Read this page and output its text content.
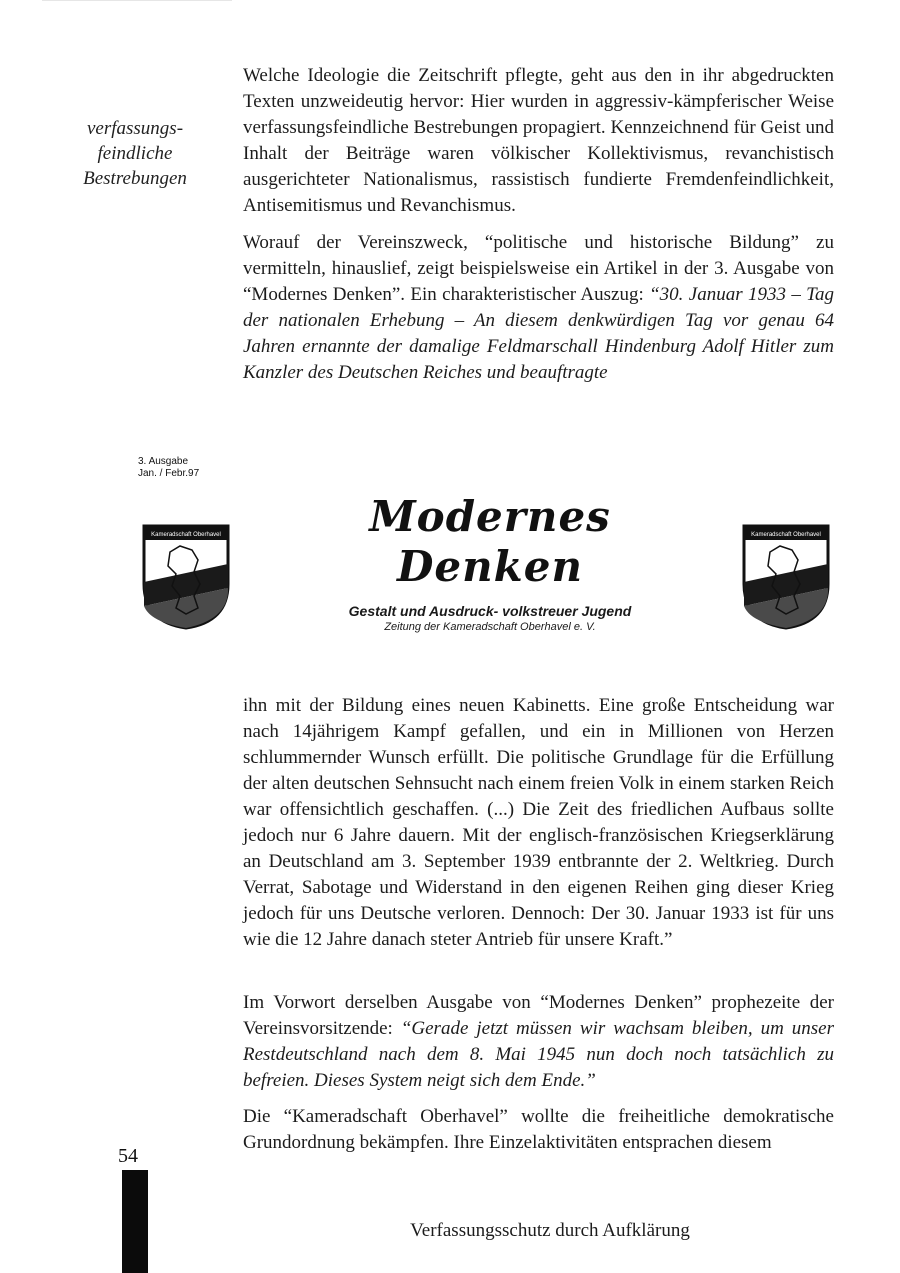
verfassungs-
feindliche
Bestrebungen
Welche Ideologie die Zeitschrift pflegte, geht aus den in ihr abgedruckten Texten unzweideutig hervor: Hier wurden in aggressiv-kämpferischer Weise verfassungsfeindliche Bestrebungen propagiert. Kennzeichnend für Geist und Inhalt der Beiträge waren völkischer Kollektivismus, revanchistisch ausgerichteter Nationalismus, rassistisch fundierte Fremdenfeindlichkeit, Antisemitismus und Revanchismus.
Worauf der Vereinszweck, “politische und historische Bildung” zu vermitteln, hinauslief, zeigt beispielsweise ein Artikel in der 3. Ausgabe von “Modernes Denken”. Ein charakteristischer Auszug: “30. Januar 1933 – Tag der nationalen Erhebung – An diesem denkwürdigen Tag vor genau 64 Jahren ernannte der damalige Feldmarschall Hindenburg Adolf Hitler zum Kanzler des Deutschen Reiches und beauftragte
3. Ausgabe
Jan. / Febr.97
Kameradschaft Oberhavel	Modernes Denken
Gestalt und Ausdruck- volkstreuer Jugend
Zeitung der Kameradschaft Oberhavel e. V.
Kameradschaft Oberhavel
ihn mit der Bildung eines neuen Kabinetts. Eine große Entscheidung war nach 14jährigem Kampf gefallen, und ein in Millionen von Herzen schlummernder Wunsch erfüllt. Die politische Grundlage für die Erfüllung der alten deutschen Sehnsucht nach einem freien Volk in einem starken Reich war offensichtlich geschaffen. (...) Die Zeit des friedlichen Aufbaus sollte jedoch nur 6 Jahre dauern. Mit der englisch-französischen Kriegserklärung an Deutschland am 3. September 1939 entbrannte der 2. Weltkrieg. Durch Verrat, Sabotage und Widerstand in den eigenen Reihen ging dieser Krieg jedoch für uns Deutsche verloren. Dennoch: Der 30. Januar 1933 ist für uns wie die 12 Jahre danach steter Antrieb für unsere Kraft.”
Im Vorwort derselben Ausgabe von “Modernes Denken” prophezeite der Vereinsvorsitzende: “Gerade jetzt müssen wir wachsam bleiben, um unser Restdeutschland nach dem 8. Mai 1945 nun doch noch tatsächlich zu befreien. Dieses System neigt sich dem Ende.”
Die “Kameradschaft Oberhavel” wollte die freiheitliche demokratische Grundordnung bekämpfen. Ihre Einzelaktivitäten entsprachen diesem
54
Verfassungsschutz durch Aufklärung
